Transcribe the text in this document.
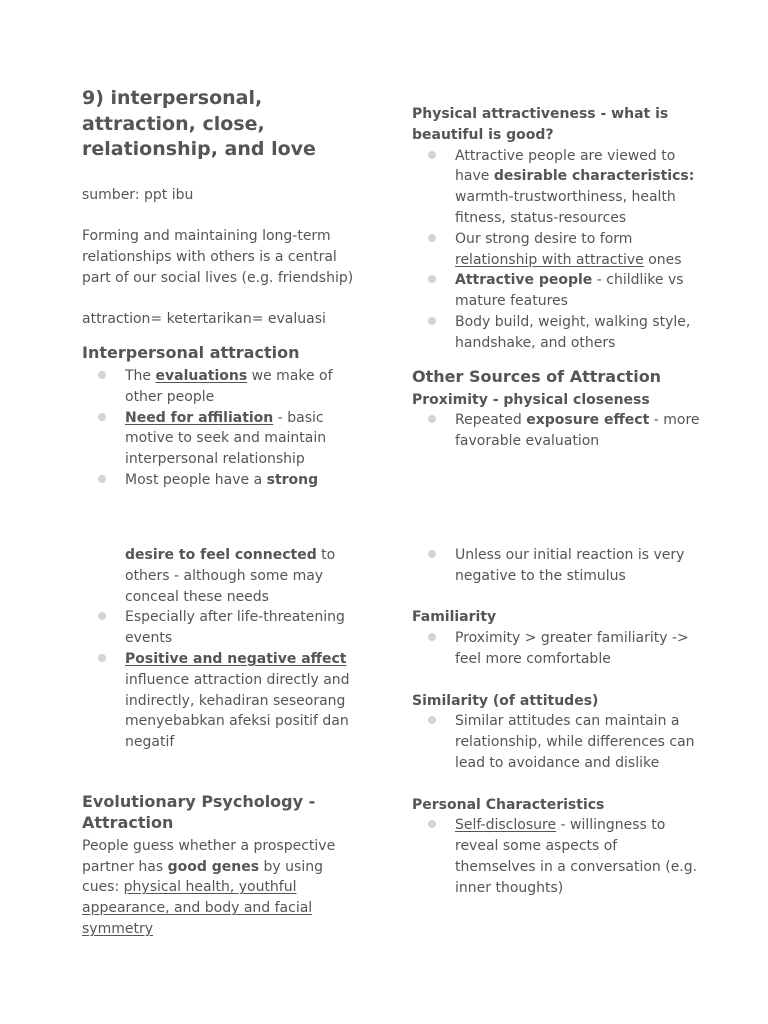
9) interpersonal, attraction, close, relationship, and love

sumber: ppt ibu

Forming and maintaining long-term relationships with others is a central part of our social lives (e.g. friendship)

attraction= ketertarikan= evaluasi

Interpersonal attraction
The evaluations we make of other people
Need for affiliation - basic motive to seek and maintain interpersonal relationship
Most people have a strong
Physical attractiveness - what is beautiful is good?
Attractive people are viewed to have desirable characteristics: warmth-trustworthiness, health fitness, status-resources
Our strong desire to form relationship with attractive ones
Attractive people - childlike vs mature features
Body build, weight, walking style, handshake, and others
Other Sources of Attraction
Proximity - physical closeness
Repeated exposure effect - more favorable evaluation
desire to feel connected to others - although some may conceal these needs
Especially after life-threatening events
Positive and negative affect influence attraction directly and indirectly, kehadiran seseorang menyebabkan afeksi positif dan negatif
Evolutionary Psychology - Attraction

People guess whether a prospective partner has good genes by using cues: physical health, youthful appearance, and body and facial symmetry

Unless our initial reaction is very negative to the stimulus
Familiarity
Proximity > greater familiarity -> feel more comfortable
Similarity (of attitudes)
Similar attitudes can maintain a relationship, while differences can lead to avoidance and dislike
Personal Characteristics
Self-disclosure - willingness to reveal some aspects of themselves in a conversation (e.g. inner thoughts)
